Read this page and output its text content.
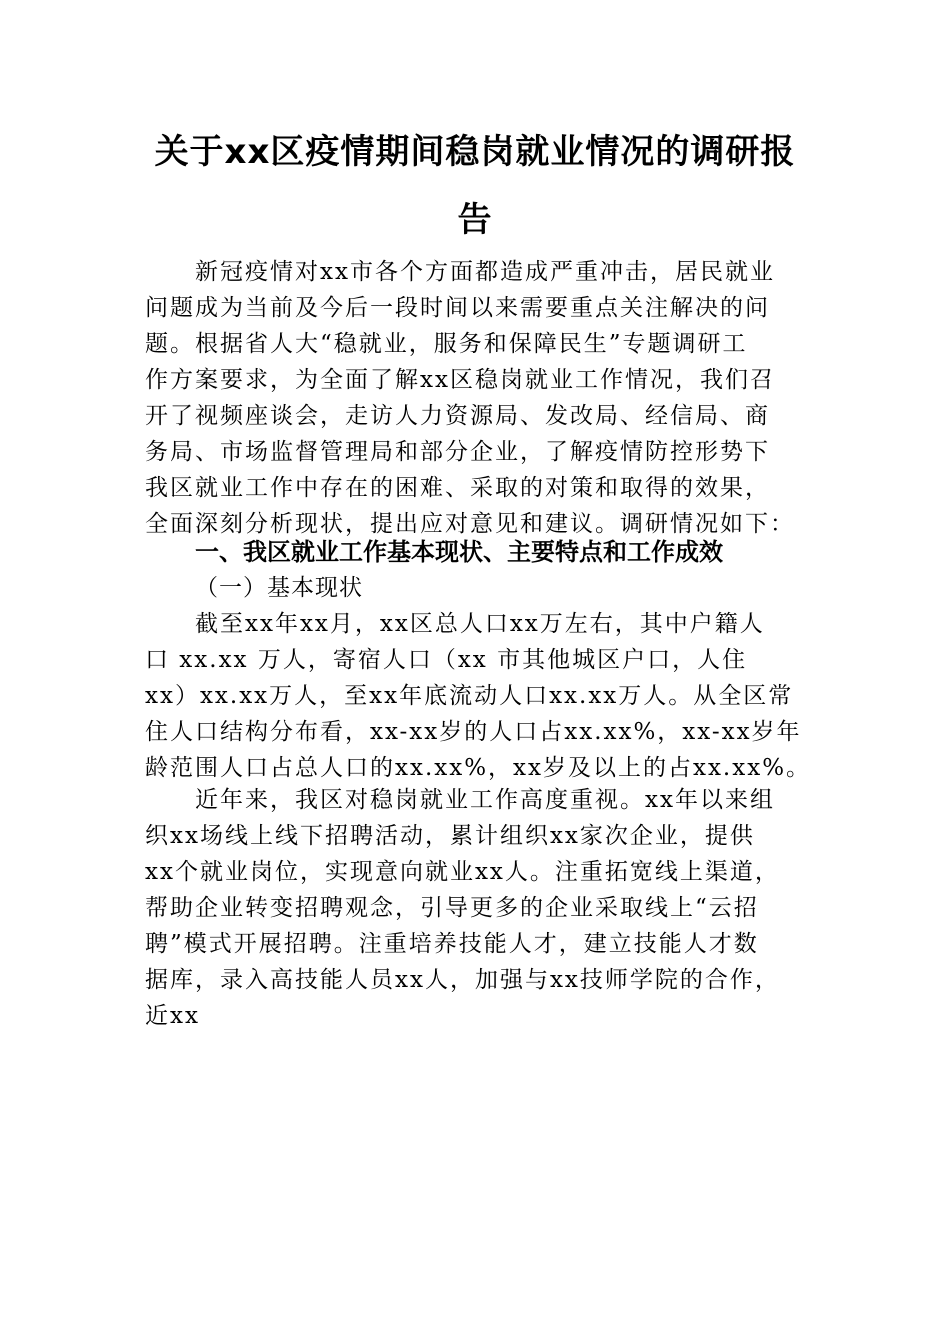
关于xx区疫情期间稳岗就业情况的调研报
告
新冠疫情对xx市各个方面都造成严重冲击，居民就业
问题成为当前及今后一段时间以来需要重点关注解决的问
题。根据省人大“稳就业，服务和保障民生”专题调研工
作方案要求，为全面了解xx区稳岗就业工作情况，我们召
开了视频座谈会，走访人力资源局、发改局、经信局、商
务局、市场监督管理局和部分企业，了解疫情防控形势下
我区就业工作中存在的困难、采取的对策和取得的效果，
全面深刻分析现状，提出应对意见和建议。调研情况如下：
一、我区就业工作基本现状、主要特点和工作成效
（一）基本现状
截至xx年xx月，xx区总人口xx万左右，其中户籍人
口 xx.xx 万人，寄宿人口（xx 市其他城区户口，人住
xx）xx.xx万人，至xx年底流动人口xx.xx万人。从全区常
住人口结构分布看，xx-xx岁的人口占xx.xx%，xx-xx岁年
龄范围人口占总人口的xx.xx%，xx岁及以上的占xx.xx%。
近年来，我区对稳岗就业工作高度重视。xx年以来组
织xx场线上线下招聘活动，累计组织xx家次企业，提供
xx个就业岗位，实现意向就业xx人。注重拓宽线上渠道，
帮助企业转变招聘观念，引导更多的企业采取线上“云招
聘”模式开展招聘。注重培养技能人才，建立技能人才数
据库，录入高技能人员xx人，加强与xx技师学院的合作，
近xx
